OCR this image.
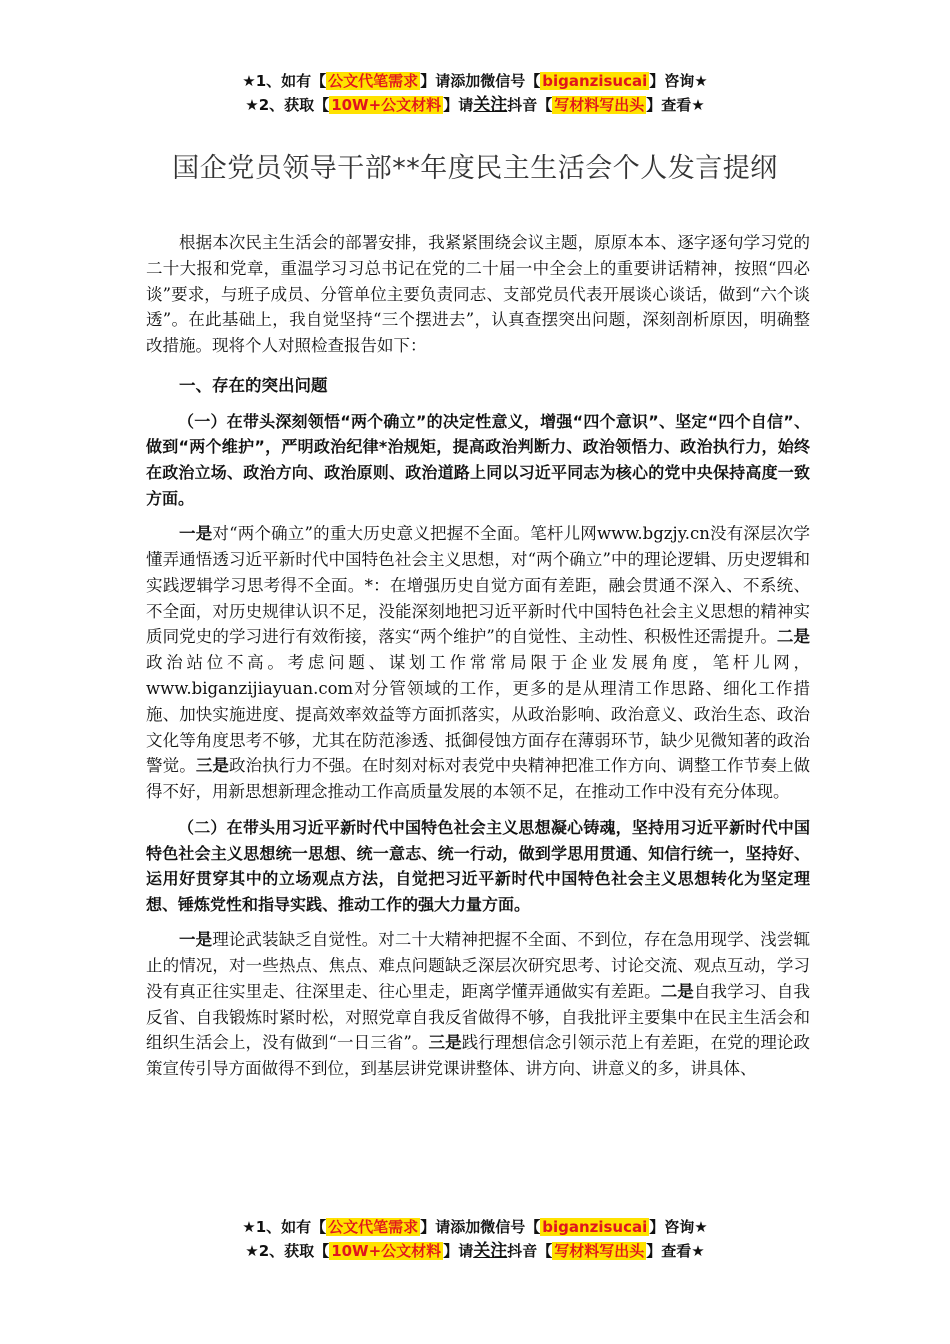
★1、如有【 公文代笔需求 】请添加微信号【 biganzisucai 】咨询★
★2、获取【 10W+公文材料 】请关注抖音【 写材料写出头 】查看★
国企党员领导干部**年度民主生活会个人发言提纲

根据本次民主生活会的部署安排，我紧紧围绕会议主题，原原本本、逐字逐句学习党的二十大报和党章，重温学习习总书记在党的二十届一中全会上的重要讲话精神，按照“四必谈”要求，与班子成员、分管单位主要负责同志、支部党员代表开展谈心谈话，做到“六个谈透”。在此基础上，我自觉坚持“三个摆进去”，认真查摆突出问题，深刻剖析原因，明确整改措施。现将个人对照检查报告如下：

一、存在的突出问题

（一）在带头深刻领悟“两个确立”的决定性意义，增强“四个意识”、坚定“四个自信”、做到“两个维护”，严明政治纪律*治规矩，提高政治判断力、政治领悟力、政治执行力，始终在政治立场、政治方向、政治原则、政治道路上同以习近平同志为核心的党中央保持高度一致方面。

一是对“两个确立”的重大历史意义把握不全面。笔杆儿网www.bgzjy.cn没有深层次学懂弄通悟透习近平新时代中国特色社会主义思想，对“两个确立”中的理论逻辑、历史逻辑和实践逻辑学习思考得不全面。*：在增强历史自觉方面有差距，融会贯通不深入、不系统、不全面，对历史规律认识不足，没能深刻地把习近平新时代中国特色社会主义思想的精神实质同党史的学习进行有效衔接，落实“两个维护”的自觉性、主动性、积极性还需提升。二是政治站位不高。考虑问题、谋划工作常常局限于企业发展角度，笔杆儿网，www.biganzijiayuan.com对分管领域的工作，更多的是从理清工作思路、细化工作措施、加快实施进度、提高效率效益等方面抓落实，从政治影响、政治意义、政治生态、政治文化等角度思考不够，尤其在防范渗透、抵御侵蚀方面存在薄弱环节，缺少见微知著的政治警觉。三是政治执行力不强。在时刻对标对表党中央精神把准工作方向、调整工作节奏上做得不好，用新思想新理念推动工作高质量发展的本领不足，在推动工作中没有充分体现。

（二）在带头用习近平新时代中国特色社会主义思想凝心铸魂，坚持用习近平新时代中国特色社会主义思想统一思想、统一意志、统一行动，做到学思用贯通、知信行统一，坚持好、运用好贯穿其中的立场观点方法，自觉把习近平新时代中国特色社会主义思想转化为坚定理想、锤炼党性和指导实践、推动工作的强大力量方面。

一是理论武装缺乏自觉性。对二十大精神把握不全面、不到位，存在急用现学、浅尝辄止的情况，对一些热点、焦点、难点问题缺乏深层次研究思考、讨论交流、观点互动，学习没有真正往实里走、往深里走、往心里走，距离学懂弄通做实有差距。二是自我学习、自我反省、自我锻炼时紧时松，对照党章自我反省做得不够，自我批评主要集中在民主生活会和组织生活会上，没有做到“一日三省”。三是践行理想信念引领示范上有差距，在党的理论政策宣传引导方面做得不到位，到基层讲党课讲整体、讲方向、讲意义的多，讲具体、

★1、如有【 公文代笔需求 】请添加微信号【 biganzisucai 】咨询★
★2、获取【 10W+公文材料 】请关注抖音【 写材料写出头 】查看★
